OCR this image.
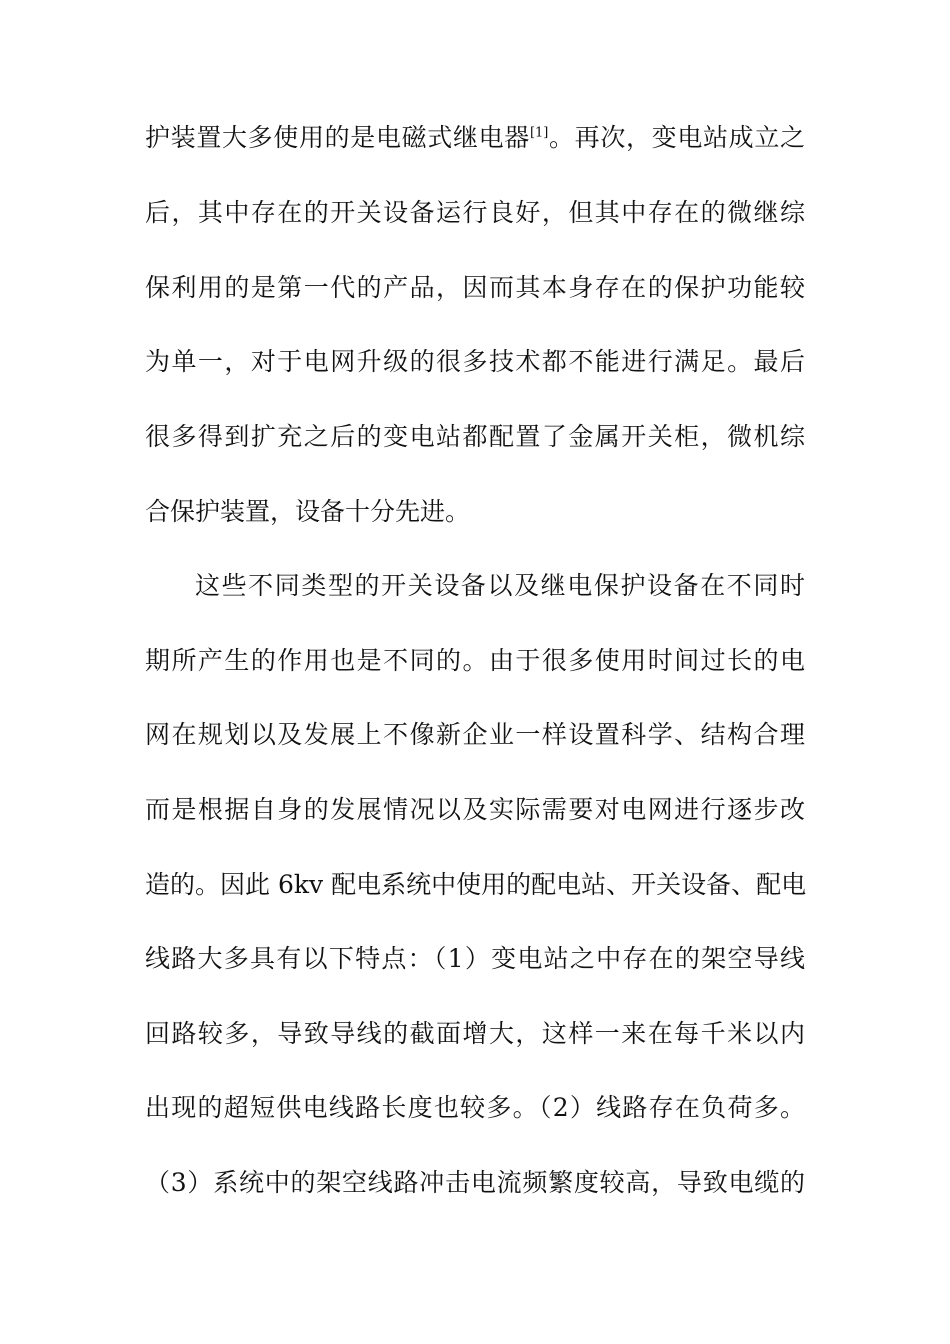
护装置大多使用的是电磁式继电器[1]。再次，变电站成立之
后，其中存在的开关设备运行良好，但其中存在的微继综
保利用的是第一代的产品，因而其本身存在的保护功能较
为单一，对于电网升级的很多技术都不能进行满足。最后
很多得到扩充之后的变电站都配置了金属开关柜，微机综
合保护装置，设备十分先进。
这些不同类型的开关设备以及继电保护设备在不同时
期所产生的作用也是不同的。由于很多使用时间过长的电
网在规划以及发展上不像新企业一样设置科学、结构合理
而是根据自身的发展情况以及实际需要对电网进行逐步改
造的。因此 6kv 配电系统中使用的配电站、开关设备、配电
线路大多具有以下特点：（1）变电站之中存在的架空导线
回路较多，导致导线的截面增大，这样一来在每千米以内
出现的超短供电线路长度也较多。（2）线路存在负荷多。
（3）系统中的架空线路冲击电流频繁度较高，导致电缆的
